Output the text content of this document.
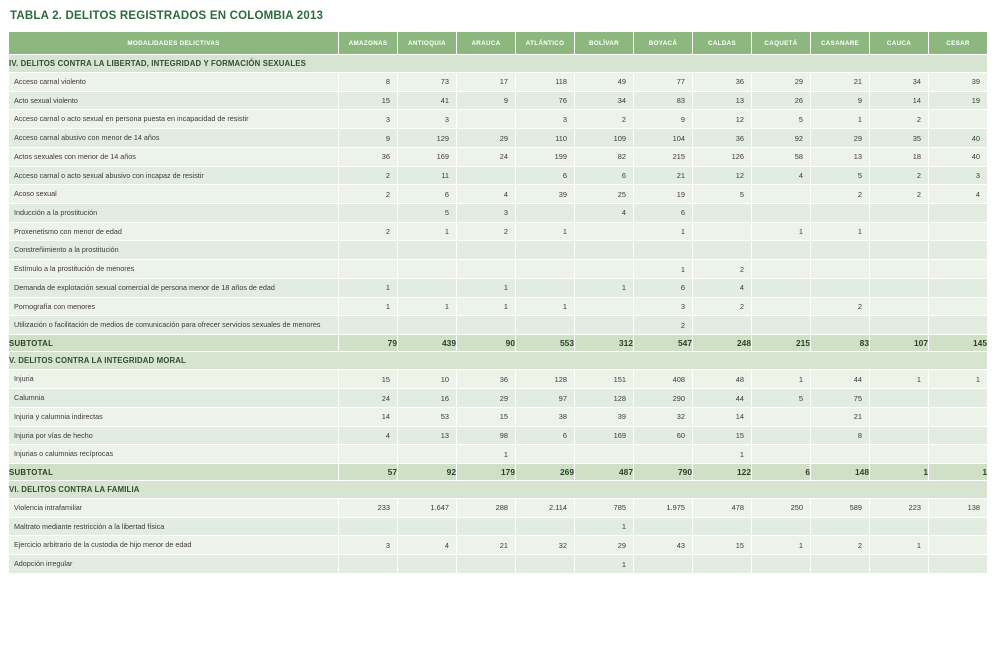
TABLA 2. DELITOS REGISTRADOS EN COLOMBIA 2013
MODALIDADES DELICTIVAS	AMAZONAS	ANTIOQUIA	ARAUCA	ATLÁNTICO	BOLÍVAR	BOYACÁ	CALDAS	CAQUETÁ	CASANARE	CAUCA	CESAR
IV. DELITOS CONTRA LA LIBERTAD, INTEGRIDAD Y FORMACIÓN SEXUALES											
Acceso carnal violento	8	73	17	118	49	77	36	29	21	34	39
Acto sexual violento	15	41	9	76	34	83	13	26	9	14	19
Acceso carnal o acto sexual en persona puesta en incapacidad de resistir	3	3		3	2	9	12	5	1	2	
Acceso carnal abusivo con menor de 14 años	9	129	29	110	109	104	36	92	29	35	40
Actos sexuales con menor de 14 años	36	169	24	199	82	215	126	58	13	18	40
Acceso carnal o acto sexual abusivo con incapaz de resistir	2	11		6	6	21	12	4	5	2	3
Acoso sexual	2	6	4	39	25	19	5		2	2	4
Inducción a la prostitución		5	3		4	6					
Proxenetismo con menor de edad	2	1	2	1		1		1	1		
Constreñimiento a la prostitución											
Estímulo a la prostitución de menores						1	2				
Demanda de explotación sexual comercial de persona menor de 18 años de edad	1		1		1	6	4				
Pornografía con menores	1	1	1	1		3	2		2		
Utilización o facilitación de medios de comunicación para ofrecer servicios sexuales de menores						2					
SUBTOTAL	79	439	90	553	312	547	248	215	83	107	145
V. DELITOS CONTRA LA INTEGRIDAD MORAL											
Injuria	15	10	36	128	151	408	48	1	44	1	1
Calumnia	24	16	29	97	128	290	44	5	75		
Injuria y calumnia indirectas	14	53	15	38	39	32	14		21		
Injuria por vías de hecho	4	13	98	6	169	60	15		8		
Injurias o calumnias recíprocas			1				1				
SUBTOTAL	57	92	179	269	487	790	122	6	148	1	1
VI. DELITOS CONTRA LA FAMILIA											
Violencia intrafamiliar	233	1.647	288	2.114	785	1.975	478	250	589	223	138
Maltrato mediante restricción a la libertad física					1						
Ejercicio arbitrario de la custodia de hijo menor de edad	3	4	21	32	29	43	15	1	2	1	
Adopción irregular					1						
